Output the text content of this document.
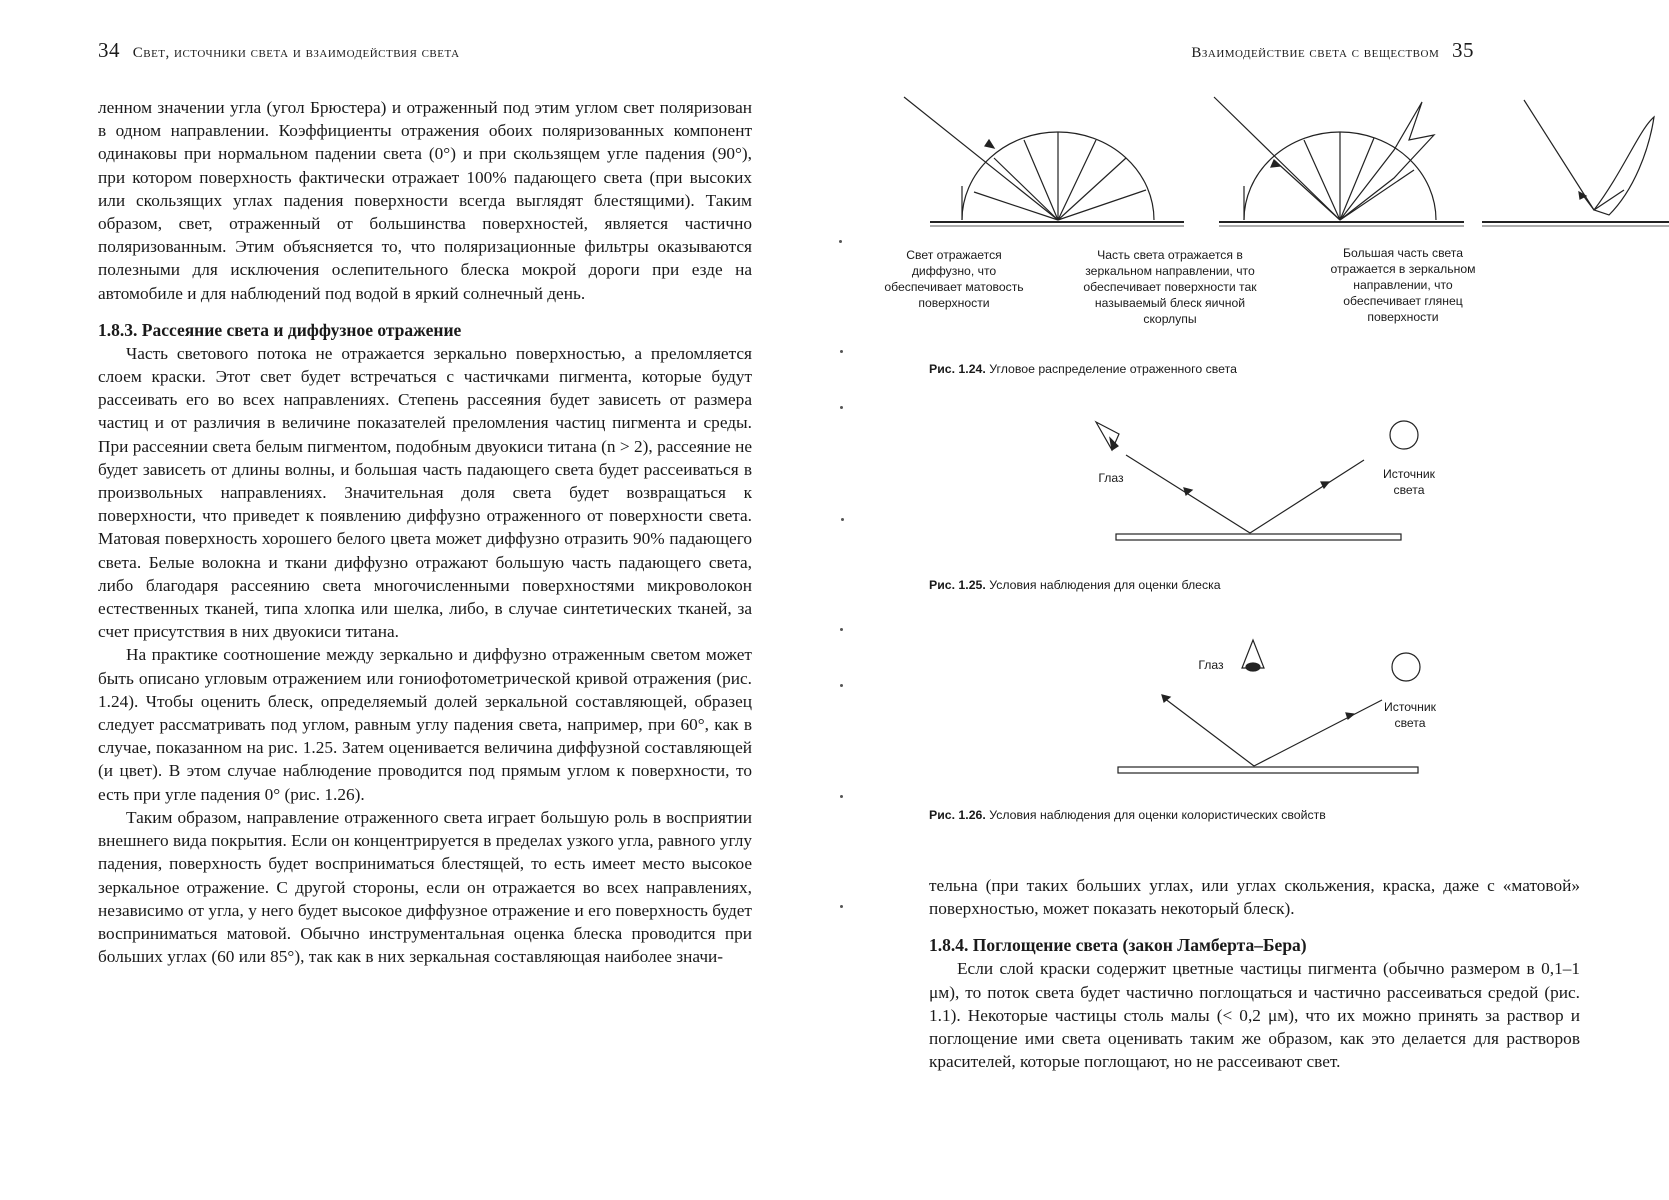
34 Свет, источники света и взаимодействия света

ленном значении угла (угол Брюстера) и отраженный под этим углом свет поляризован в одном направлении. Коэффициенты отражения обоих поляризованных компонент одинаковы при нормальном падении света (0°) и при скользящем угле падения (90°), при котором поверхность фактически отражает 100% падающего света (при высоких или скользящих углах падения поверхности всегда выглядят блестящими). Таким образом, свет, отраженный от большинства поверхностей, является частично поляризованным. Этим объясняется то, что поляризационные фильтры оказываются полезными для исключения ослепительного блеска мокрой дороги при езде на автомобиле и для наблюдений под водой в яркий солнечный день.

1.8.3. Рассеяние света и диффузное отражение

Часть светового потока не отражается зеркально поверхностью, а преломляется слоем краски. Этот свет будет встречаться с частичками пигмента, которые будут рассеивать его во всех направлениях. Степень рассеяния будет зависеть от размера частиц и от различия в величине показателей преломления частиц пигмента и среды. При рассеянии света белым пигментом, подобным двуокиси титана (n > 2), рассеяние не будет зависеть от длины волны, и большая часть падающего света будет рассеиваться в произвольных направлениях. Значительная доля света будет возвращаться к поверхности, что приведет к появлению диффузно отраженного от поверхности света. Матовая поверхность хорошего белого цвета может диффузно отразить 90% падающего света. Белые волокна и ткани диффузно отражают большую часть падающего света, либо благодаря рассеянию света многочисленными поверхностями микроволокон естественных тканей, типа хлопка или шелка, либо, в случае синтетических тканей, за счет присутствия в них двуокиси титана.

На практике соотношение между зеркально и диффузно отраженным светом может быть описано угловым отражением или гониофотометрической кривой отражения (рис. 1.24). Чтобы оценить блеск, определяемый долей зеркальной составляющей, образец следует рассматривать под углом, равным углу падения света, например, при 60°, как в случае, показанном на рис. 1.25. Затем оценивается величина диффузной составляющей (и цвет). В этом случае наблюдение проводится под прямым углом к поверхности, то есть при угле падения 0° (рис. 1.26).

Таким образом, направление отраженного света играет большую роль в восприятии внешнего вида покрытия. Если он концентрируется в пределах узкого угла, равного углу падения, поверхность будет восприниматься блестящей, то есть имеет место высокое зеркальное отражение. С другой стороны, если он отражается во всех направлениях, независимо от угла, у него будет высокое диффузное отражение и его поверхность будет восприниматься матовой. Обычно инструментальная оценка блеска проводится при больших углах (60 или 85°), так как в них зеркальная составляющая наиболее значи-

Взаимодействие света с веществом 35
Свет отражается диффузно, что обеспечивает матовость поверхности
Часть света отражается в зеркальном направлении, что обеспечивает поверхности так называемый блеск яичной скорлупы
Большая часть света отражается в зеркальном направлении, что обеспечивает глянец поверхности
Рис. 1.24. Угловое распределение отраженного света
Глаз	Источник света
Рис. 1.25. Условия наблюдения для оценки блеска
Глаз
Источник света
Рис. 1.26. Условия наблюдения для оценки колористических свойств

тельна (при таких больших углах, или углах скольжения, краска, даже с «матовой» поверхностью, может показать некоторый блеск).

1.8.4. Поглощение света (закон Ламберта–Бера)

Если слой краски содержит цветные частицы пигмента (обычно размером в 0,1–1 μм), то поток света будет частично поглощаться и частично рассеиваться средой (рис. 1.1). Некоторые частицы столь малы (< 0,2 μм), что их можно принять за раствор и поглощение ими света оценивать таким же образом, как это делается для растворов красителей, которые поглощают, но не рассеивают свет.
